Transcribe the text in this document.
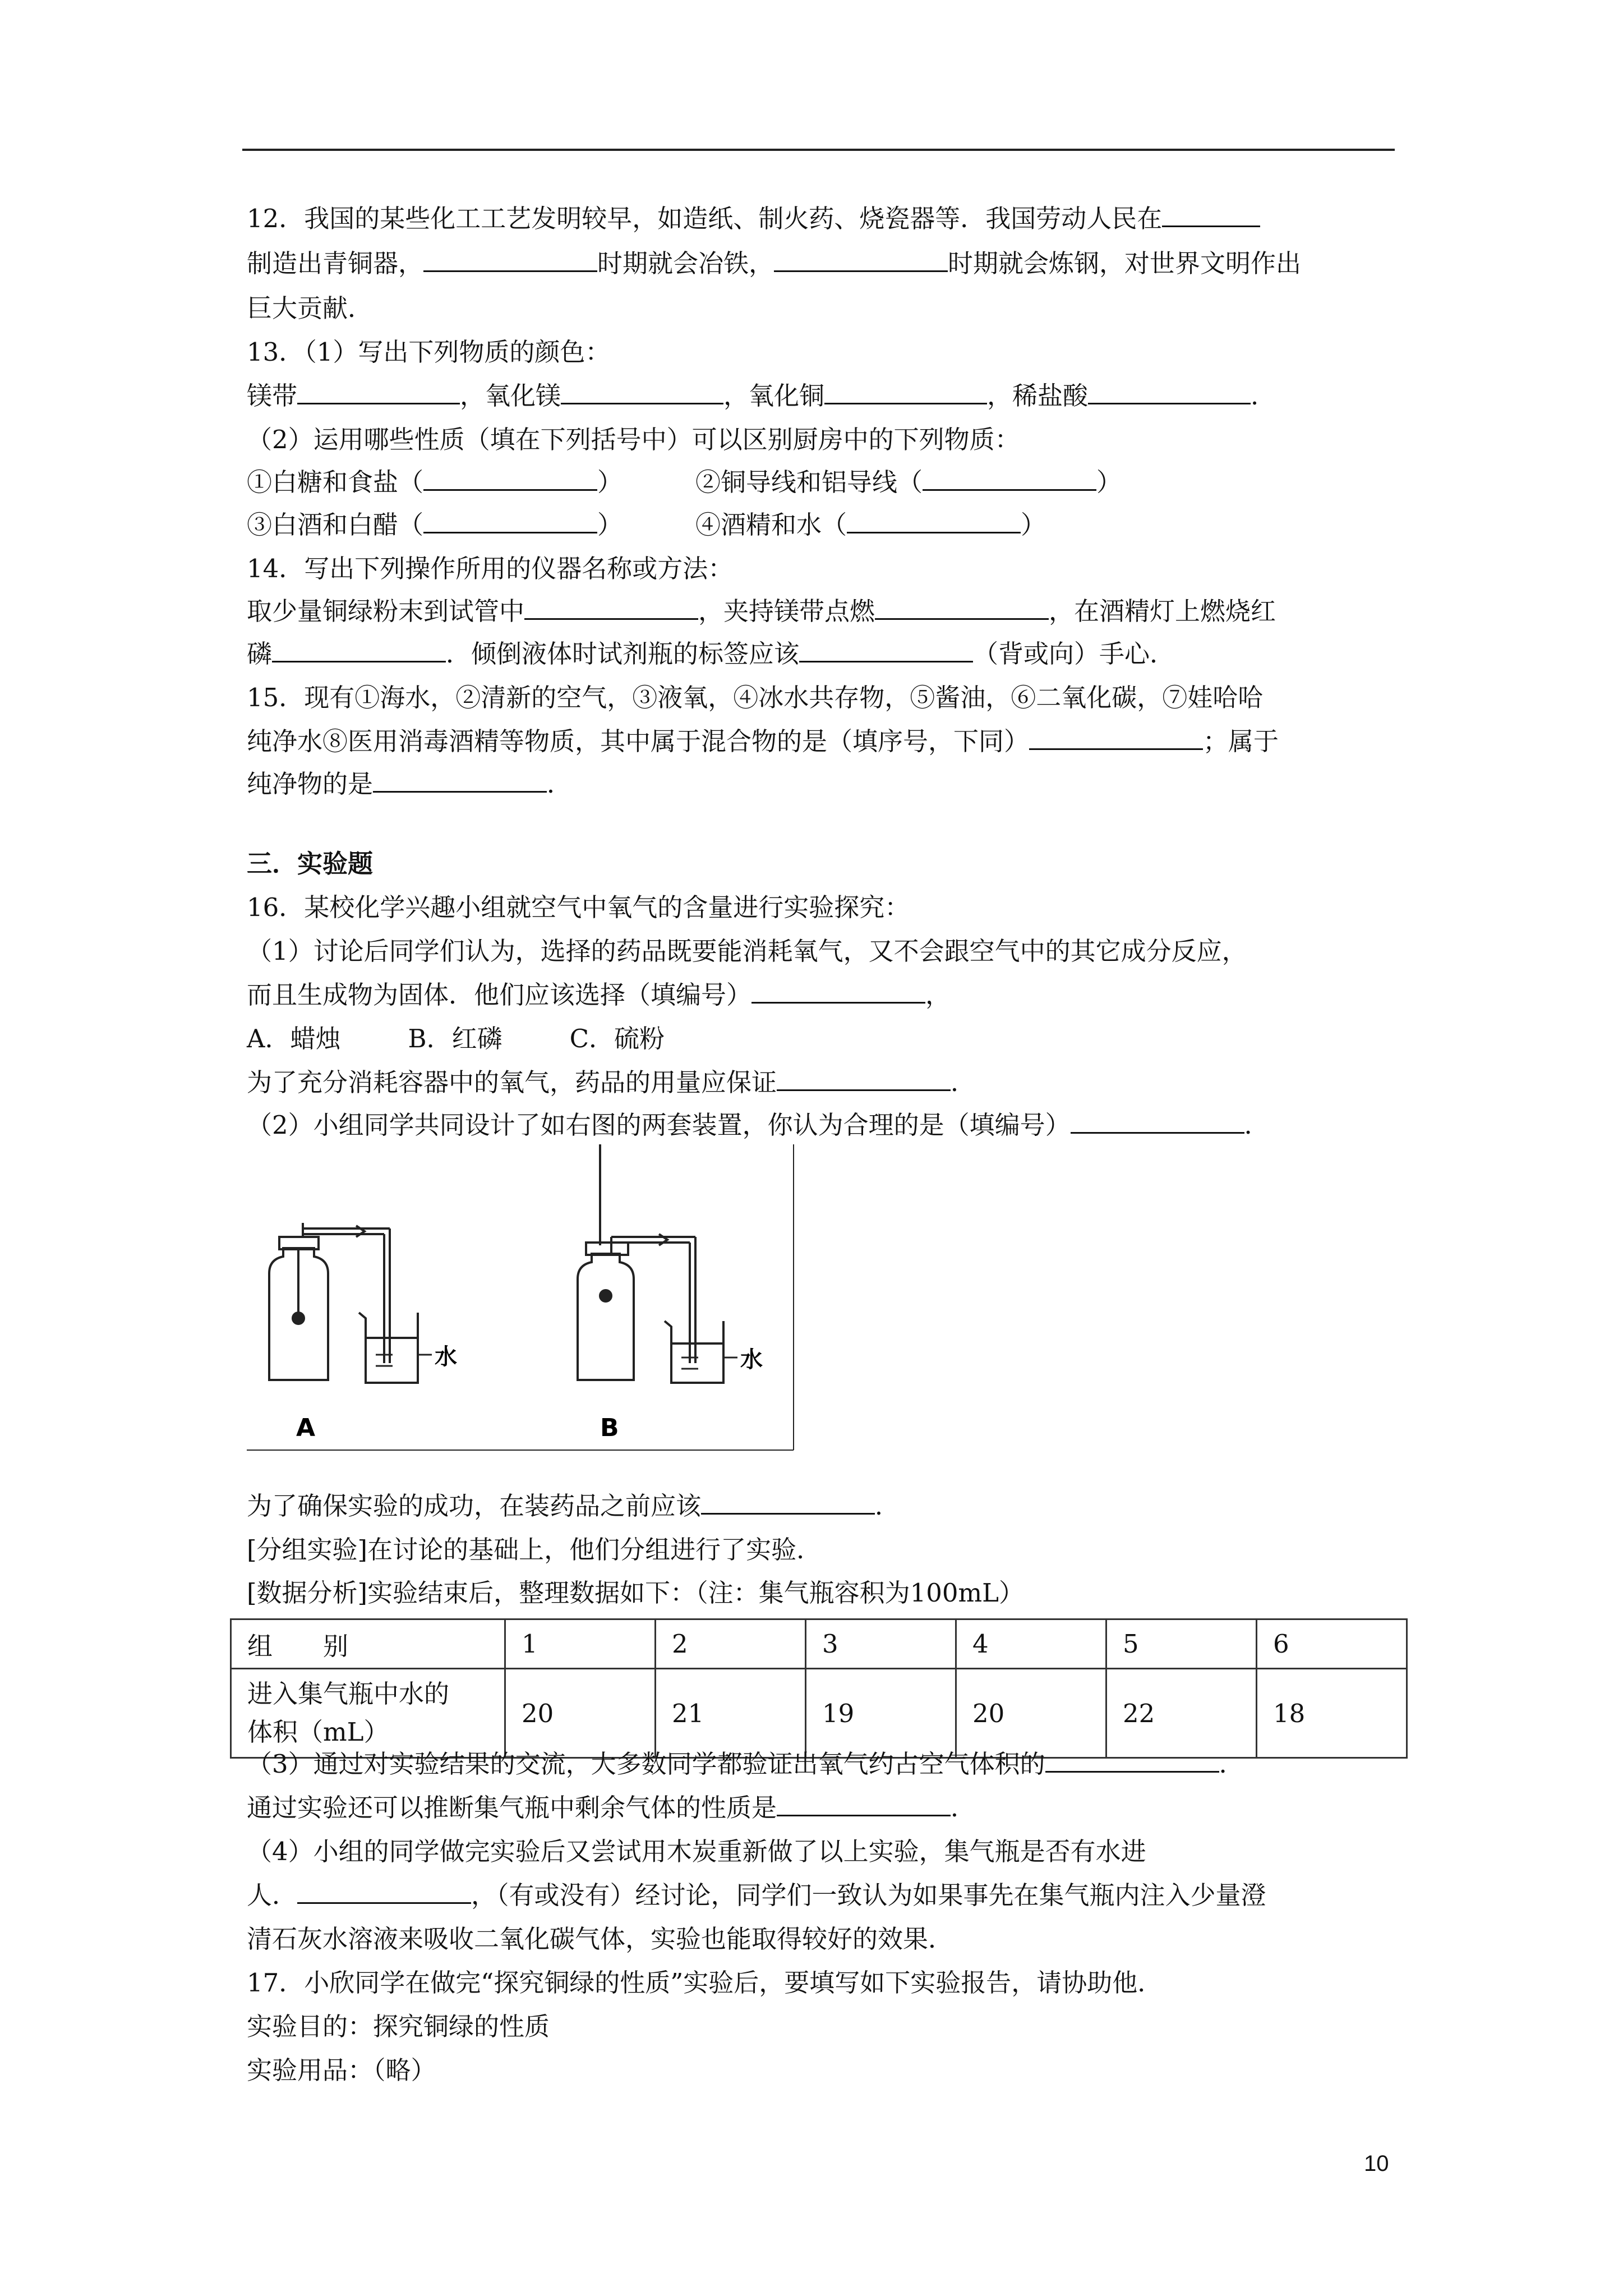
12．我国的某些化工工艺发明较早，如造纸、制火药、烧瓷器等．我国劳动人民在
制造出青铜器，	时期就会冶铁，	时期就会炼钢，对世界文明作出
巨大贡献．
13．（1）写出下列物质的颜色：
镁带	，氧化镁	，氧化铜	，稀盐酸	．
（2）运用哪些性质（填在下列括号中）可以区别厨房中的下列物质：
①白糖和食盐（	）	②铜导线和铝导线（	）
③白酒和白醋（	）	④酒精和水（	）
14．写出下列操作所用的仪器名称或方法：
取少量铜绿粉末到试管中	，夹持镁带点燃	，在酒精灯上燃烧红
磷	．倾倒液体时试剂瓶的标签应该	（背或向）手心．
15．现有①海水，②清新的空气，③液氧，④冰水共存物，⑤酱油，⑥二氧化碳，⑦娃哈哈
纯净水⑧医用消毒酒精等物质，其中属于混合物的是（填序号，下同）	；属于
纯净物的是	．
三．实验题
16．某校化学兴趣小组就空气中氧气的含量进行实验探究：
（1）讨论后同学们认为，选择的药品既要能消耗氧气，又不会跟空气中的其它成分反应，
而且生成物为固体．他们应该选择（填编号）	，
A．蜡烛	B．红磷	C．硫粉
为了充分消耗容器中的氧气，药品的用量应保证	．
（2）小组同学共同设计了如右图的两套装置，你认为合理的是（填编号）	．
水	水
A	B
为了确保实验的成功，在装药品之前应该	．
[分组实验]在讨论的基础上，他们分组进行了实验．
[数据分析]实验结束后，整理数据如下：（注：集气瓶容积为100mL）
组　　别	1	2	3	4	5	6
进入集气瓶中水的
体积（mL）	20	21	19	20	22	18
（3）通过对实验结果的交流，大多数同学都验证出氧气约占空气体积的	．
通过实验还可以推断集气瓶中剩余气体的性质是	．
（4）小组的同学做完实验后又尝试用木炭重新做了以上实验，集气瓶是否有水进
人．	，（有或没有）经讨论，同学们一致认为如果事先在集气瓶内注入少量澄
清石灰水溶液来吸收二氧化碳气体，实验也能取得较好的效果．
17．小欣同学在做完“探究铜绿的性质”实验后，要填写如下实验报告，请协助他．
实验目的：探究铜绿的性质
实验用品：（略）
10
